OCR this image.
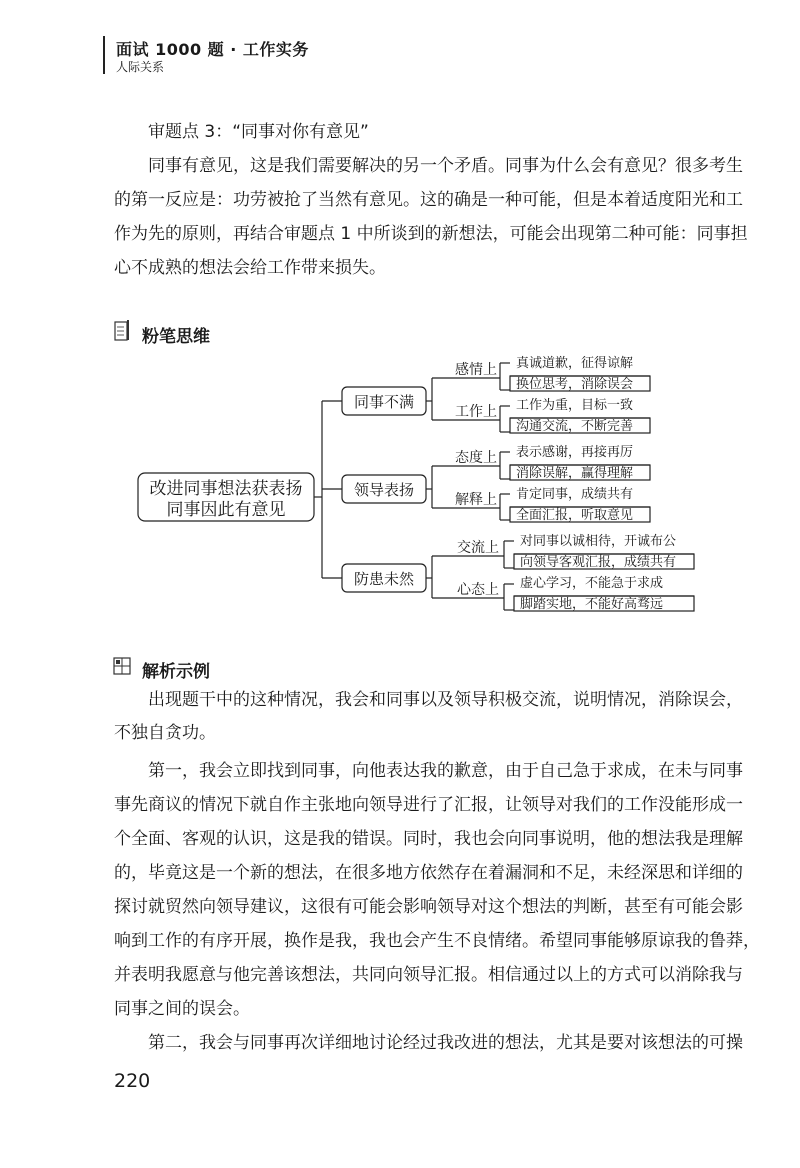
面试 1000 题 · 工作实务
人际关系
审题点 3：“同事对你有意见”
同事有意见，这是我们需要解决的另一个矛盾。同事为什么会有意见？很多考生
的第一反应是：功劳被抢了当然有意见。这的确是一种可能，但是本着适度阳光和工
作为先的原则，再结合审题点 1 中所谈到的新想法，可能会出现第二种可能：同事担
心不成熟的想法会给工作带来损失。
粉笔思维
改进同事想法获表扬
同事因此有意见
同事不满
领导表扬
防患未然
感情上
工作上
态度上
解释上
交流上
心态上
真诚道歉，征得谅解
换位思考，消除误会
工作为重，目标一致
沟通交流，不断完善
表示感谢，再接再厉
消除误解，赢得理解
肯定同事，成绩共有
全面汇报，听取意见
对同事以诚相待，开诚布公
向领导客观汇报，成绩共有
虚心学习，不能急于求成
脚踏实地，不能好高骛远
解析示例
出现题干中的这种情况，我会和同事以及领导积极交流，说明情况，消除误会，
不独自贪功。
第一，我会立即找到同事，向他表达我的歉意，由于自己急于求成，在未与同事
事先商议的情况下就自作主张地向领导进行了汇报，让领导对我们的工作没能形成一
个全面、客观的认识，这是我的错误。同时，我也会向同事说明，他的想法我是理解
的，毕竟这是一个新的想法，在很多地方依然存在着漏洞和不足，未经深思和详细的
探讨就贸然向领导建议，这很有可能会影响领导对这个想法的判断，甚至有可能会影
响到工作的有序开展，换作是我，我也会产生不良情绪。希望同事能够原谅我的鲁莽，
并表明我愿意与他完善该想法，共同向领导汇报。相信通过以上的方式可以消除我与
同事之间的误会。
第二，我会与同事再次详细地讨论经过我改进的想法，尤其是要对该想法的可操
220
